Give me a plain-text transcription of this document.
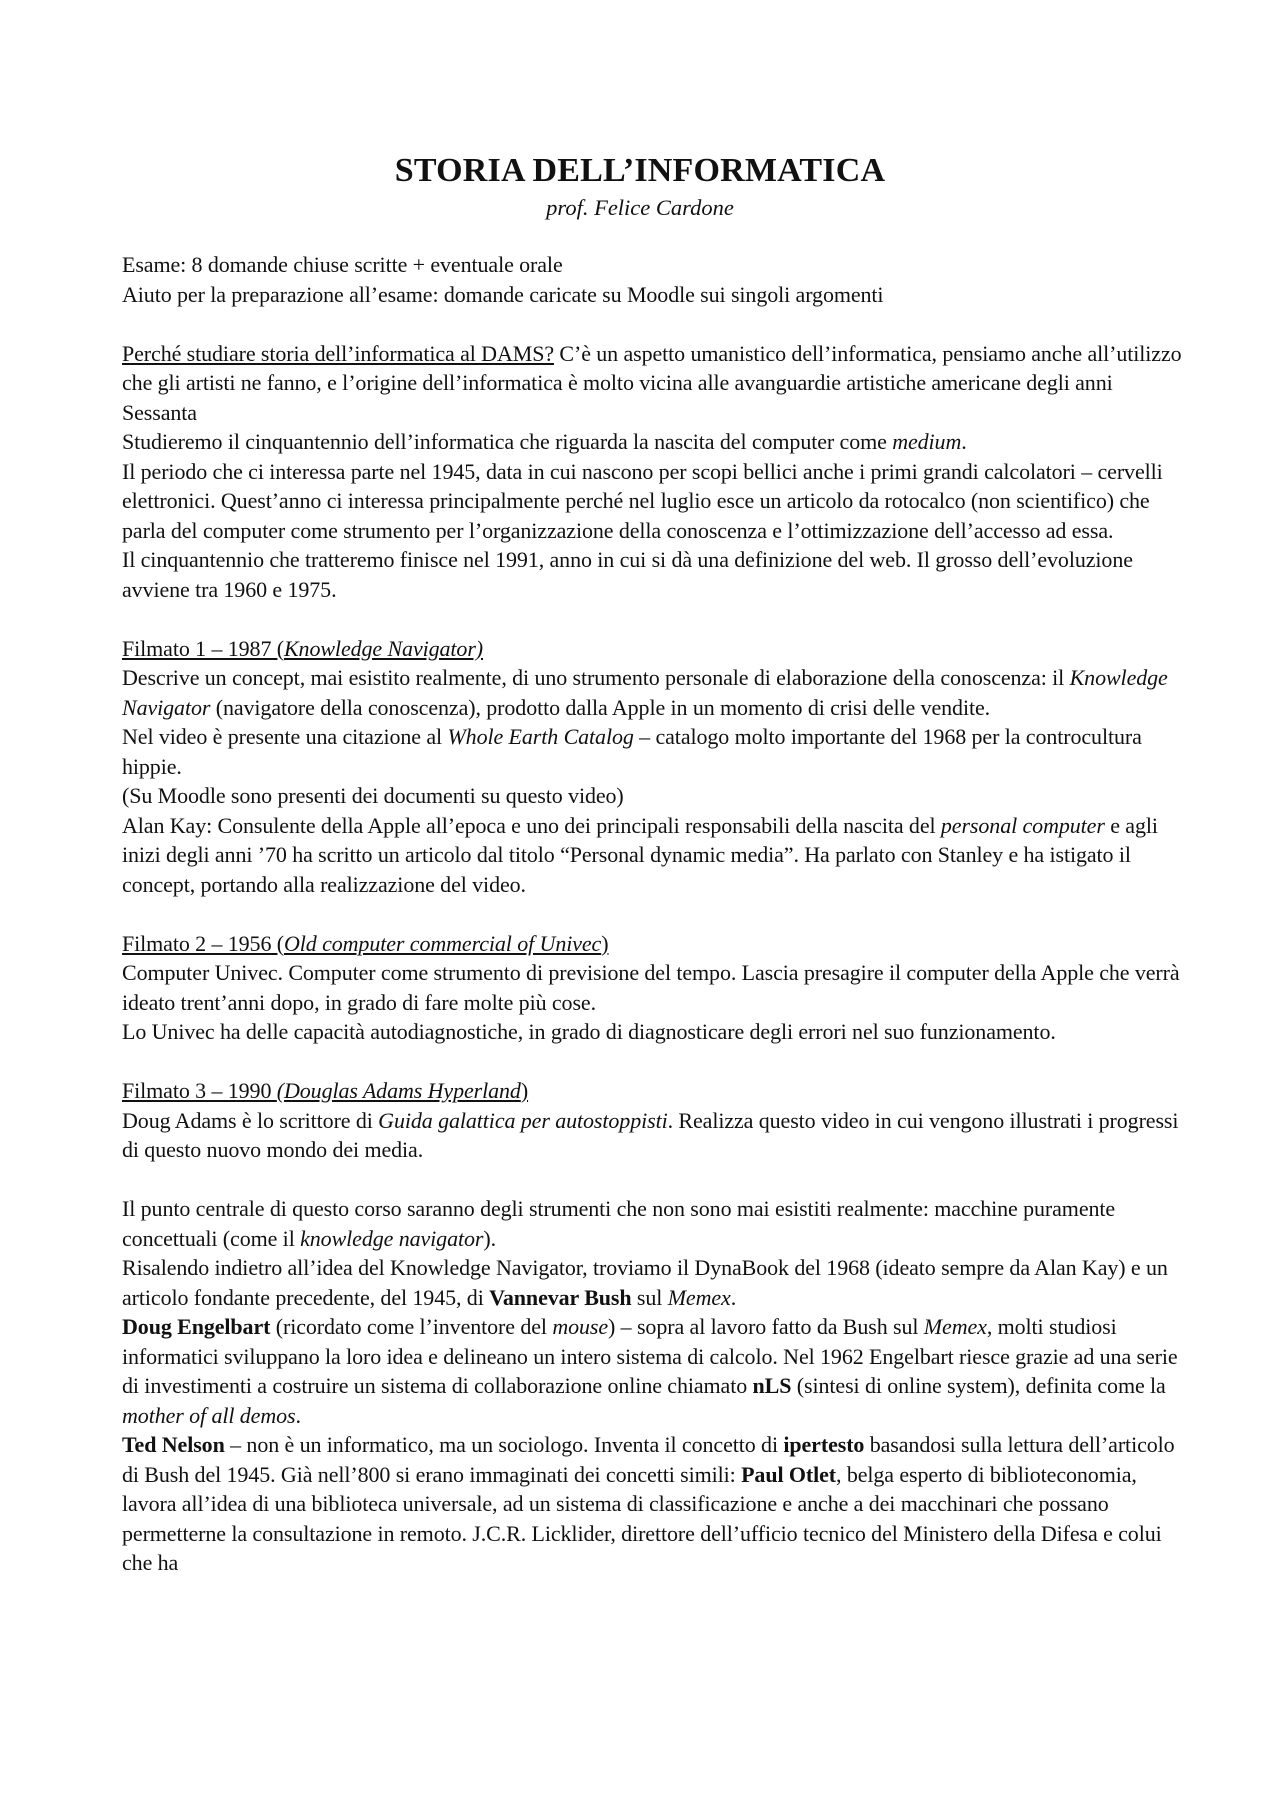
STORIA DELL’INFORMATICA
prof. Felice Cardone

Esame: 8 domande chiuse scritte + eventuale orale

Aiuto per la preparazione all’esame: domande caricate su Moodle sui singoli argomenti

Perché studiare storia dell’informatica al DAMS? C’è un aspetto umanistico dell’informatica, pensiamo anche all’utilizzo che gli artisti ne fanno, e l’origine dell’informatica è molto vicina alle avanguardie artistiche americane degli anni Sessanta

Studieremo il cinquantennio dell’informatica che riguarda la nascita del computer come medium.

Il periodo che ci interessa parte nel 1945, data in cui nascono per scopi bellici anche i primi grandi calcolatori – cervelli elettronici. Quest’anno ci interessa principalmente perché nel luglio esce un articolo da rotocalco (non scientifico) che parla del computer come strumento per l’organizzazione della conoscenza e l’ottimizzazione dell’accesso ad essa.

Il cinquantennio che tratteremo finisce nel 1991, anno in cui si dà una definizione del web. Il grosso dell’evoluzione avviene tra 1960 e 1975.

Filmato 1 – 1987 (Knowledge Navigator)

Descrive un concept, mai esistito realmente, di uno strumento personale di elaborazione della conoscenza: il Knowledge Navigator (navigatore della conoscenza), prodotto dalla Apple in un momento di crisi delle vendite.

Nel video è presente una citazione al Whole Earth Catalog – catalogo molto importante del 1968 per la controcultura hippie.

(Su Moodle sono presenti dei documenti su questo video)

Alan Kay: Consulente della Apple all’epoca e uno dei principali responsabili della nascita del personal computer e agli inizi degli anni ’70 ha scritto un articolo dal titolo “Personal dynamic media”. Ha parlato con Stanley e ha istigato il concept, portando alla realizzazione del video.

Filmato 2 – 1956 (Old computer commercial of Univec)

Computer Univec. Computer come strumento di previsione del tempo. Lascia presagire il computer della Apple che verrà ideato trent’anni dopo, in grado di fare molte più cose.

Lo Univec ha delle capacità autodiagnostiche, in grado di diagnosticare degli errori nel suo funzionamento.

Filmato 3 – 1990 (Douglas Adams Hyperland)

Doug Adams è lo scrittore di Guida galattica per autostoppisti. Realizza questo video in cui vengono illustrati i progressi di questo nuovo mondo dei media.

Il punto centrale di questo corso saranno degli strumenti che non sono mai esistiti realmente: macchine puramente concettuali (come il knowledge navigator).

Risalendo indietro all’idea del Knowledge Navigator, troviamo il DynaBook del 1968 (ideato sempre da Alan Kay) e un articolo fondante precedente, del 1945, di Vannevar Bush sul Memex.

Doug Engelbart (ricordato come l’inventore del mouse) – sopra al lavoro fatto da Bush sul Memex, molti studiosi informatici sviluppano la loro idea e delineano un intero sistema di calcolo. Nel 1962 Engelbart riesce grazie ad una serie di investimenti a costruire un sistema di collaborazione online chiamato nLS (sintesi di online system), definita come la mother of all demos.

Ted Nelson – non è un informatico, ma un sociologo. Inventa il concetto di ipertesto basandosi sulla lettura dell’articolo di Bush del 1945. Già nell’800 si erano immaginati dei concetti simili: Paul Otlet, belga esperto di biblioteconomia, lavora all’idea di una biblioteca universale, ad un sistema di classificazione e anche a dei macchinari che possano permetterne la consultazione in remoto. J.C.R. Licklider, direttore dell’ufficio tecnico del Ministero della Difesa e colui che ha
